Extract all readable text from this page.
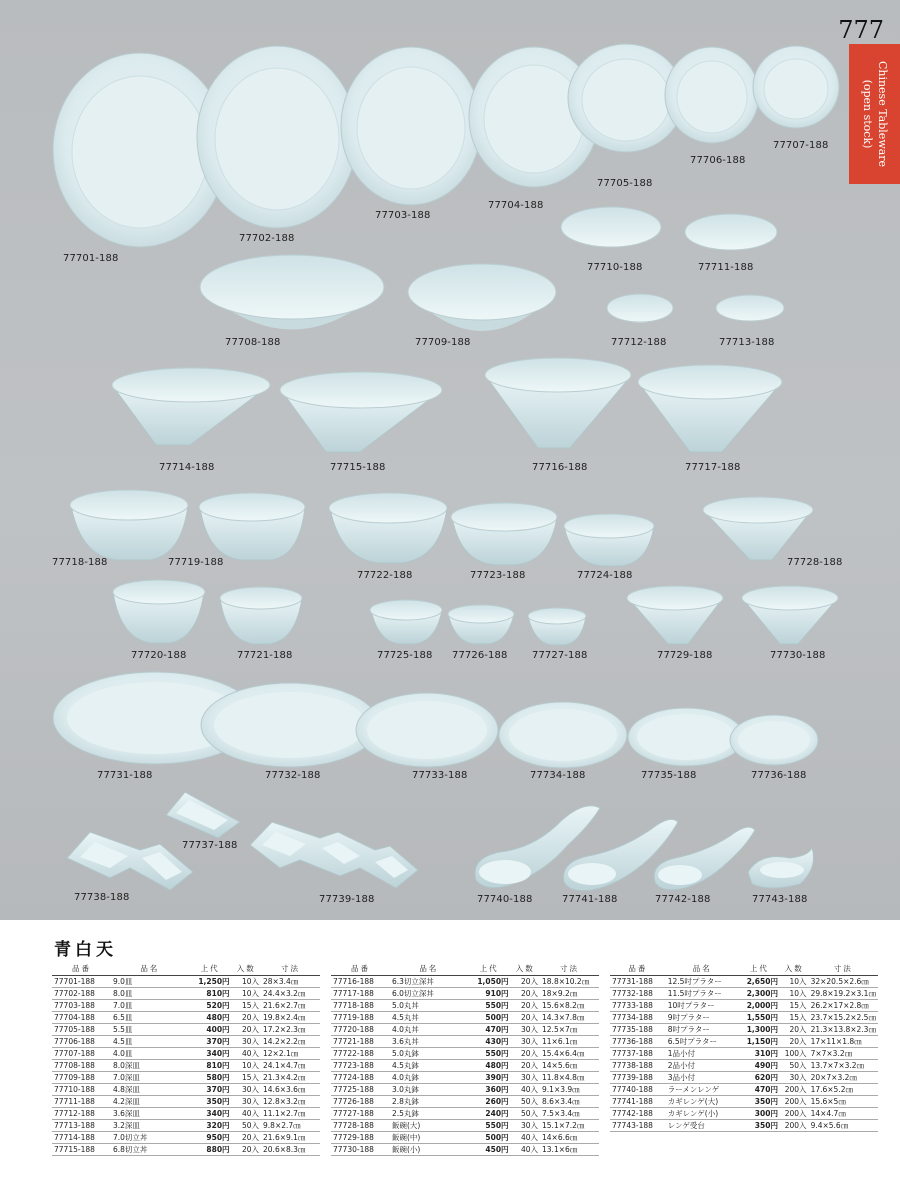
77701-188
77702-188
77703-188
77704-188
77705-188
77706-188
77707-188
77708-188	77709-188
77710-188	77711-188
77712-188	77713-188
77714-188	77715-188	77716-188	77717-188
77718-188	77719-188
77722-188	77723-188	77724-188
77728-188
77720-188	77721-188	77725-188 77726-188 77727-188	77729-188	77730-188
77731-188	77732-188	77733-188	77734-188	77735-188	77736-188
77737-188
77738-188	77739-188	77740-188	77741-188	77742-188	77743-188
777
Chinese Tableware
(open stock)
青白天
品番	品名	上代	入数	寸法
77701-188	9.0皿	1,250円	10入	28×3.4㎝
77702-188	8.0皿	810円	10入	24.4×3.2㎝
77703-188	7.0皿	520円	15入	21.6×2.7㎝
77704-188	6.5皿	480円	20入	19.8×2.4㎝
77705-188	5.5皿	400円	20入	17.2×2.3㎝
77706-188	4.5皿	370円	30入	14.2×2.2㎝
77707-188	4.0皿	340円	40入	12×2.1㎝
77708-188	8.0深皿	810円	10入	24.1×4.7㎝
77709-188	7.0深皿	580円	15入	21.3×4.2㎝
77710-188	4.8深皿	370円	30入	14.6×3.6㎝
77711-188	4.2深皿	350円	30入	12.8×3.2㎝
77712-188	3.6深皿	340円	40入	11.1×2.7㎝
77713-188	3.2深皿	320円	50入	9.8×2.7㎝
77714-188	7.0切立丼	950円	20入	21.6×9.1㎝
77715-188	6.8切立丼	880円	20入	20.6×8.3㎝
品番	品名	上代	入数	寸法
77716-188	6.3切立深丼	1,050円	20入	18.8×10.2㎝
77717-188	6.0切立深丼	910円	20入	18×9.2㎝
77718-188	5.0丸丼	550円	20入	15.6×8.2㎝
77719-188	4.5丸丼	500円	20入	14.3×7.8㎝
77720-188	4.0丸丼	470円	30入	12.5×7㎝
77721-188	3.6丸丼	430円	30入	11×6.1㎝
77722-188	5.0丸鉢	550円	20入	15.4×6.4㎝
77723-188	4.5丸鉢	480円	20入	14×5.6㎝
77724-188	4.0丸鉢	390円	30入	11.8×4.8㎝
77725-188	3.0丸鉢	360円	40入	9.1×3.9㎝
77726-188	2.8丸鉢	260円	50入	8.6×3.4㎝
77727-188	2.5丸鉢	240円	50入	7.5×3.4㎝
77728-188	飯碗(大)	550円	30入	15.1×7.2㎝
77729-188	飯碗(中)	500円	40入	14×6.6㎝
77730-188	飯碗(小)	450円	40入	13.1×6㎝
品番	品名	上代	入数	寸法
77731-188	12.5吋プラター	2,650円	10入	32×20.5×2.6㎝
77732-188	11.5吋プラター	2,300円	10入	29.8×19.2×3.1㎝
77733-188	10吋プラター	2,000円	15入	26.2×17×2.8㎝
77734-188	9吋プラター	1,550円	15入	23.7×15.2×2.5㎝
77735-188	8吋プラター	1,300円	20入	21.3×13.8×2.3㎝
77736-188	6.5吋プラター	1,150円	20入	17×11×1.8㎝
77737-188	1品小付	310円	100入	7×7×3.2㎝
77738-188	2品小付	490円	50入	13.7×7×3.2㎝
77739-188	3品小付	620円	30入	20×7×3.2㎝
77740-188	ラーメンレンゲ	470円	200入	17.6×5.2㎝
77741-188	カギレンゲ(大)	350円	200入	15.6×5㎝
77742-188	カギレンゲ(小)	300円	200入	14×4.7㎝
77743-188	レンゲ受台	350円	200入	9.4×5.6㎝
